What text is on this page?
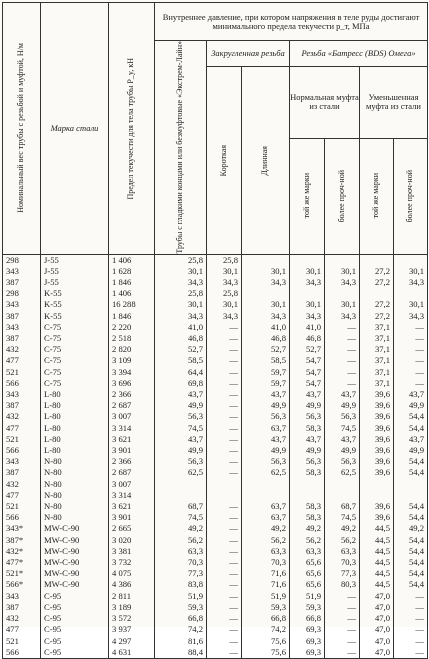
Номинальный вес трубы с резьбой и муфтой, Н/м	Марка стали	Предел текучести для тела трубы P_y, кН	Внутреннее давление, при котором напряжения в теле руды достигают минимального предела текучести p_т, МПа						

			Трубы с гладкими концами или безмуфтовые «Экстрем-Лайн»	Закругленная резьба		Резьба «Батресс (BDS) Омега»			

				Короткая	Длинная	Нормальная муфта из стали		Уменьшенная муфта из стали	

						той же марки	более проч-ной	той же марки	более проч-ной

298	J-55	1 406	25,8	25,8					
343	J-55	1 628	30,1	30,1	30,1	30,1	30,1	27,2	30,1
387	J-55	1 846	34,3	34,3	34,3	34,3	34,3	27,2	34,3
298	K-55	1 406	25,8	25,8					
343	K-55	16 288	30,1	30,1	30,1	30,1	30,1	27,2	30,1
387	K-55	1 846	34,3	34,3	34,3	34,3	34,3	27,2	34,3
343	C-75	2 220	41,0	—	41,0	41,0	—	37,1	—
387	C-75	2 518	46,8	—	46,8	46,8	—	37,1	—
432	C-75	2 820	52,7	—	52,7	52,7	—	37,1	—
477	C-75	3 109	58,5	—	58,5	54,7	—	37,1	—
521	C-75	3 394	64,4	—	59,7	54,7	—	37,1	—
566	C-75	3 696	69,8	—	59,7	54,7	—	37,1	—
343	L-80	2 366	43,7	—	43,7	43,7	43,7	39,6	43,7
387	L-80	2 687	49,9	—	49,9	49,9	49,9	39,6	49,9
432	L-80	3 007	56,3	—	56,3	56,3	56,3	39,6	54,4
477	L-80	3 314	74,5	—	63,7	58,3	74,5	39,6	54,4
521	L-80	3 621	43,7	—	43,7	43,7	43,7	39,6	43,7
566	L-80	3 901	49,9	—	49,9	49,9	49,9	39,6	49,9
343	N-80	2 366	56,3	—	56,3	56,3	56,3	39,6	54,4
387	N-80	2 687	62,5	—	62,5	58,3	62,5	39,6	54,4
432	N-80	3 007							
477	N-80	3 314							
521	N-80	3 621	68,7	—	63,7	58,3	68,7	39,6	54,4
566	N-80	3 901	74,5	—	63,7	58,3	74,5	39,6	54,4
343*	MW-C-90	2 665	49,2	—	49,2	49,2	49,2	44,5	49,2
387*	MW-C-90	3 020	56,2	—	56,2	56,2	56,2	44,5	54,4
432*	MW-C-90	3 381	63,3	—	63,3	63,3	63,3	44,5	54,4
477*	MW-C-90	3 732	70,3	—	70,3	65,6	70,3	44,5	54,4
521*	MW-C-90	4 075	77,3	—	71,6	65,6	77,3	44,5	54,4
566*	MW-C-90	4 386	83,8	—	71,6	65,6	80,3	44,5	54,4
343	C-95	2 811	51,9	—	51,9	51,9	—	47,0	—
387	C-95	3 189	59,3	—	59,3	59,3	—	47,0	—
432	C-95	3 572	66,8	—	66,8	66,8	—	47,0	—
477	C-95	3 937	74,2	—	74,2	69,3	—	47,0	—
521	C-95	4 297	81,6	—	75,6	69,3	—	47,0	—
566	C-95	4 631	88,4	—	75,6	69,3	—	47,0	—
